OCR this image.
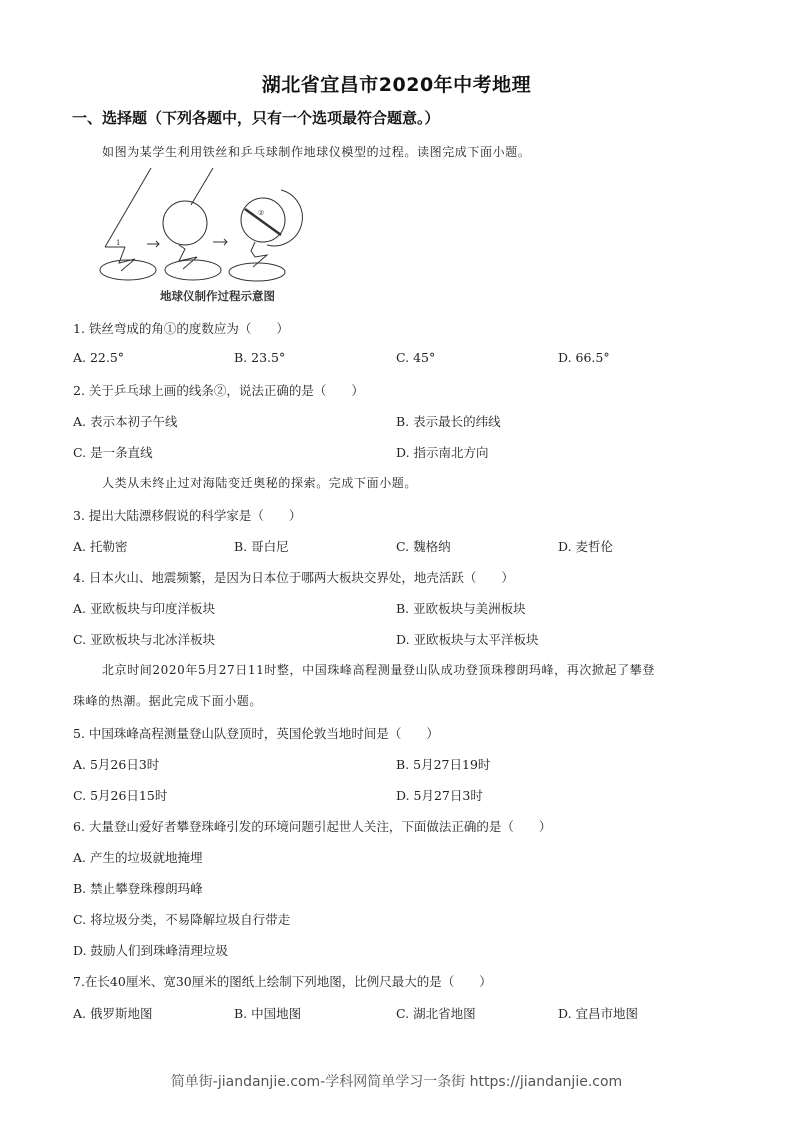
湖北省宜昌市2020年中考地理
一、选择题（下列各题中，只有一个选项最符合题意。）
如图为某学生利用铁丝和乒乓球制作地球仪模型的过程。读图完成下面小题。
1
②
地球仪制作过程示意图
1. 铁丝弯成的角①的度数应为（　　）
A. 22.5°	B. 23.5°	C. 45°	D. 66.5°
2. 关于乒乓球上画的线条②，说法正确的是（　　）
A. 表示本初子午线	B. 表示最长的纬线
C. 是一条直线	D. 指示南北方向
人类从未终止过对海陆变迁奥秘的探索。完成下面小题。
3. 提出大陆漂移假说的科学家是（　　）
A. 托勒密	B. 哥白尼	C. 魏格纳	D. 麦哲伦
4. 日本火山、地震频繁，是因为日本位于哪两大板块交界处，地壳活跃（　　）
A. 亚欧板块与印度洋板块	B. 亚欧板块与美洲板块
C. 亚欧板块与北冰洋板块	D. 亚欧板块与太平洋板块
北京时间2020年5月27日11时整，中国珠峰高程测量登山队成功登顶珠穆朗玛峰，再次掀起了攀登
珠峰的热潮。据此完成下面小题。
5. 中国珠峰高程测量登山队登顶时，英国伦敦当地时间是（　　）
A. 5月26日3时	B. 5月27日19时
C. 5月26日15时	D. 5月27日3时
6. 大量登山爱好者攀登珠峰引发的环境问题引起世人关注，下面做法正确的是（　　）
A. 产生的垃圾就地掩埋
B. 禁止攀登珠穆朗玛峰
C. 将垃圾分类，不易降解垃圾自行带走
D. 鼓励人们到珠峰清理垃圾
7.在长40厘米、宽30厘米的图纸上绘制下列地图，比例尺最大的是（　　）
A. 俄罗斯地图	B. 中国地图	C. 湖北省地图	D. 宜昌市地图
简单街-jiandanjie.com-学科网简单学习一条街 https://jiandanjie.com
